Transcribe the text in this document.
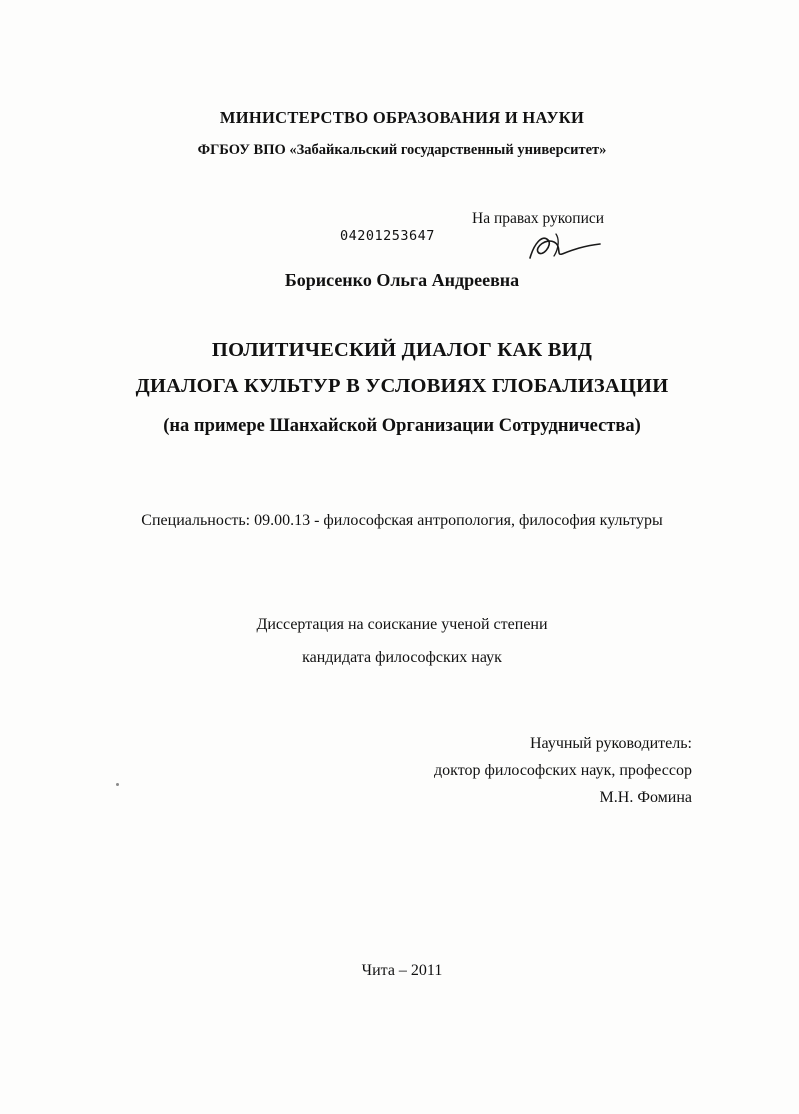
МИНИСТЕРСТВО ОБРАЗОВАНИЯ И НАУКИ
ФГБОУ ВПО «Забайкальский государственный университет»
04201253647
На правах рукописи
Борисенко Ольга Андреевна
ПОЛИТИЧЕСКИЙ ДИАЛОГ КАК ВИД
ДИАЛОГА КУЛЬТУР В УСЛОВИЯХ ГЛОБАЛИЗАЦИИ
(на примере Шанхайской Организации Сотрудничества)
Специальность: 09.00.13 - философская антропология, философия культуры
Диссертация на соискание ученой степени
кандидата философских наук
Научный руководитель:
доктор философских наук, профессор
М.Н. Фомина
Чита – 2011
